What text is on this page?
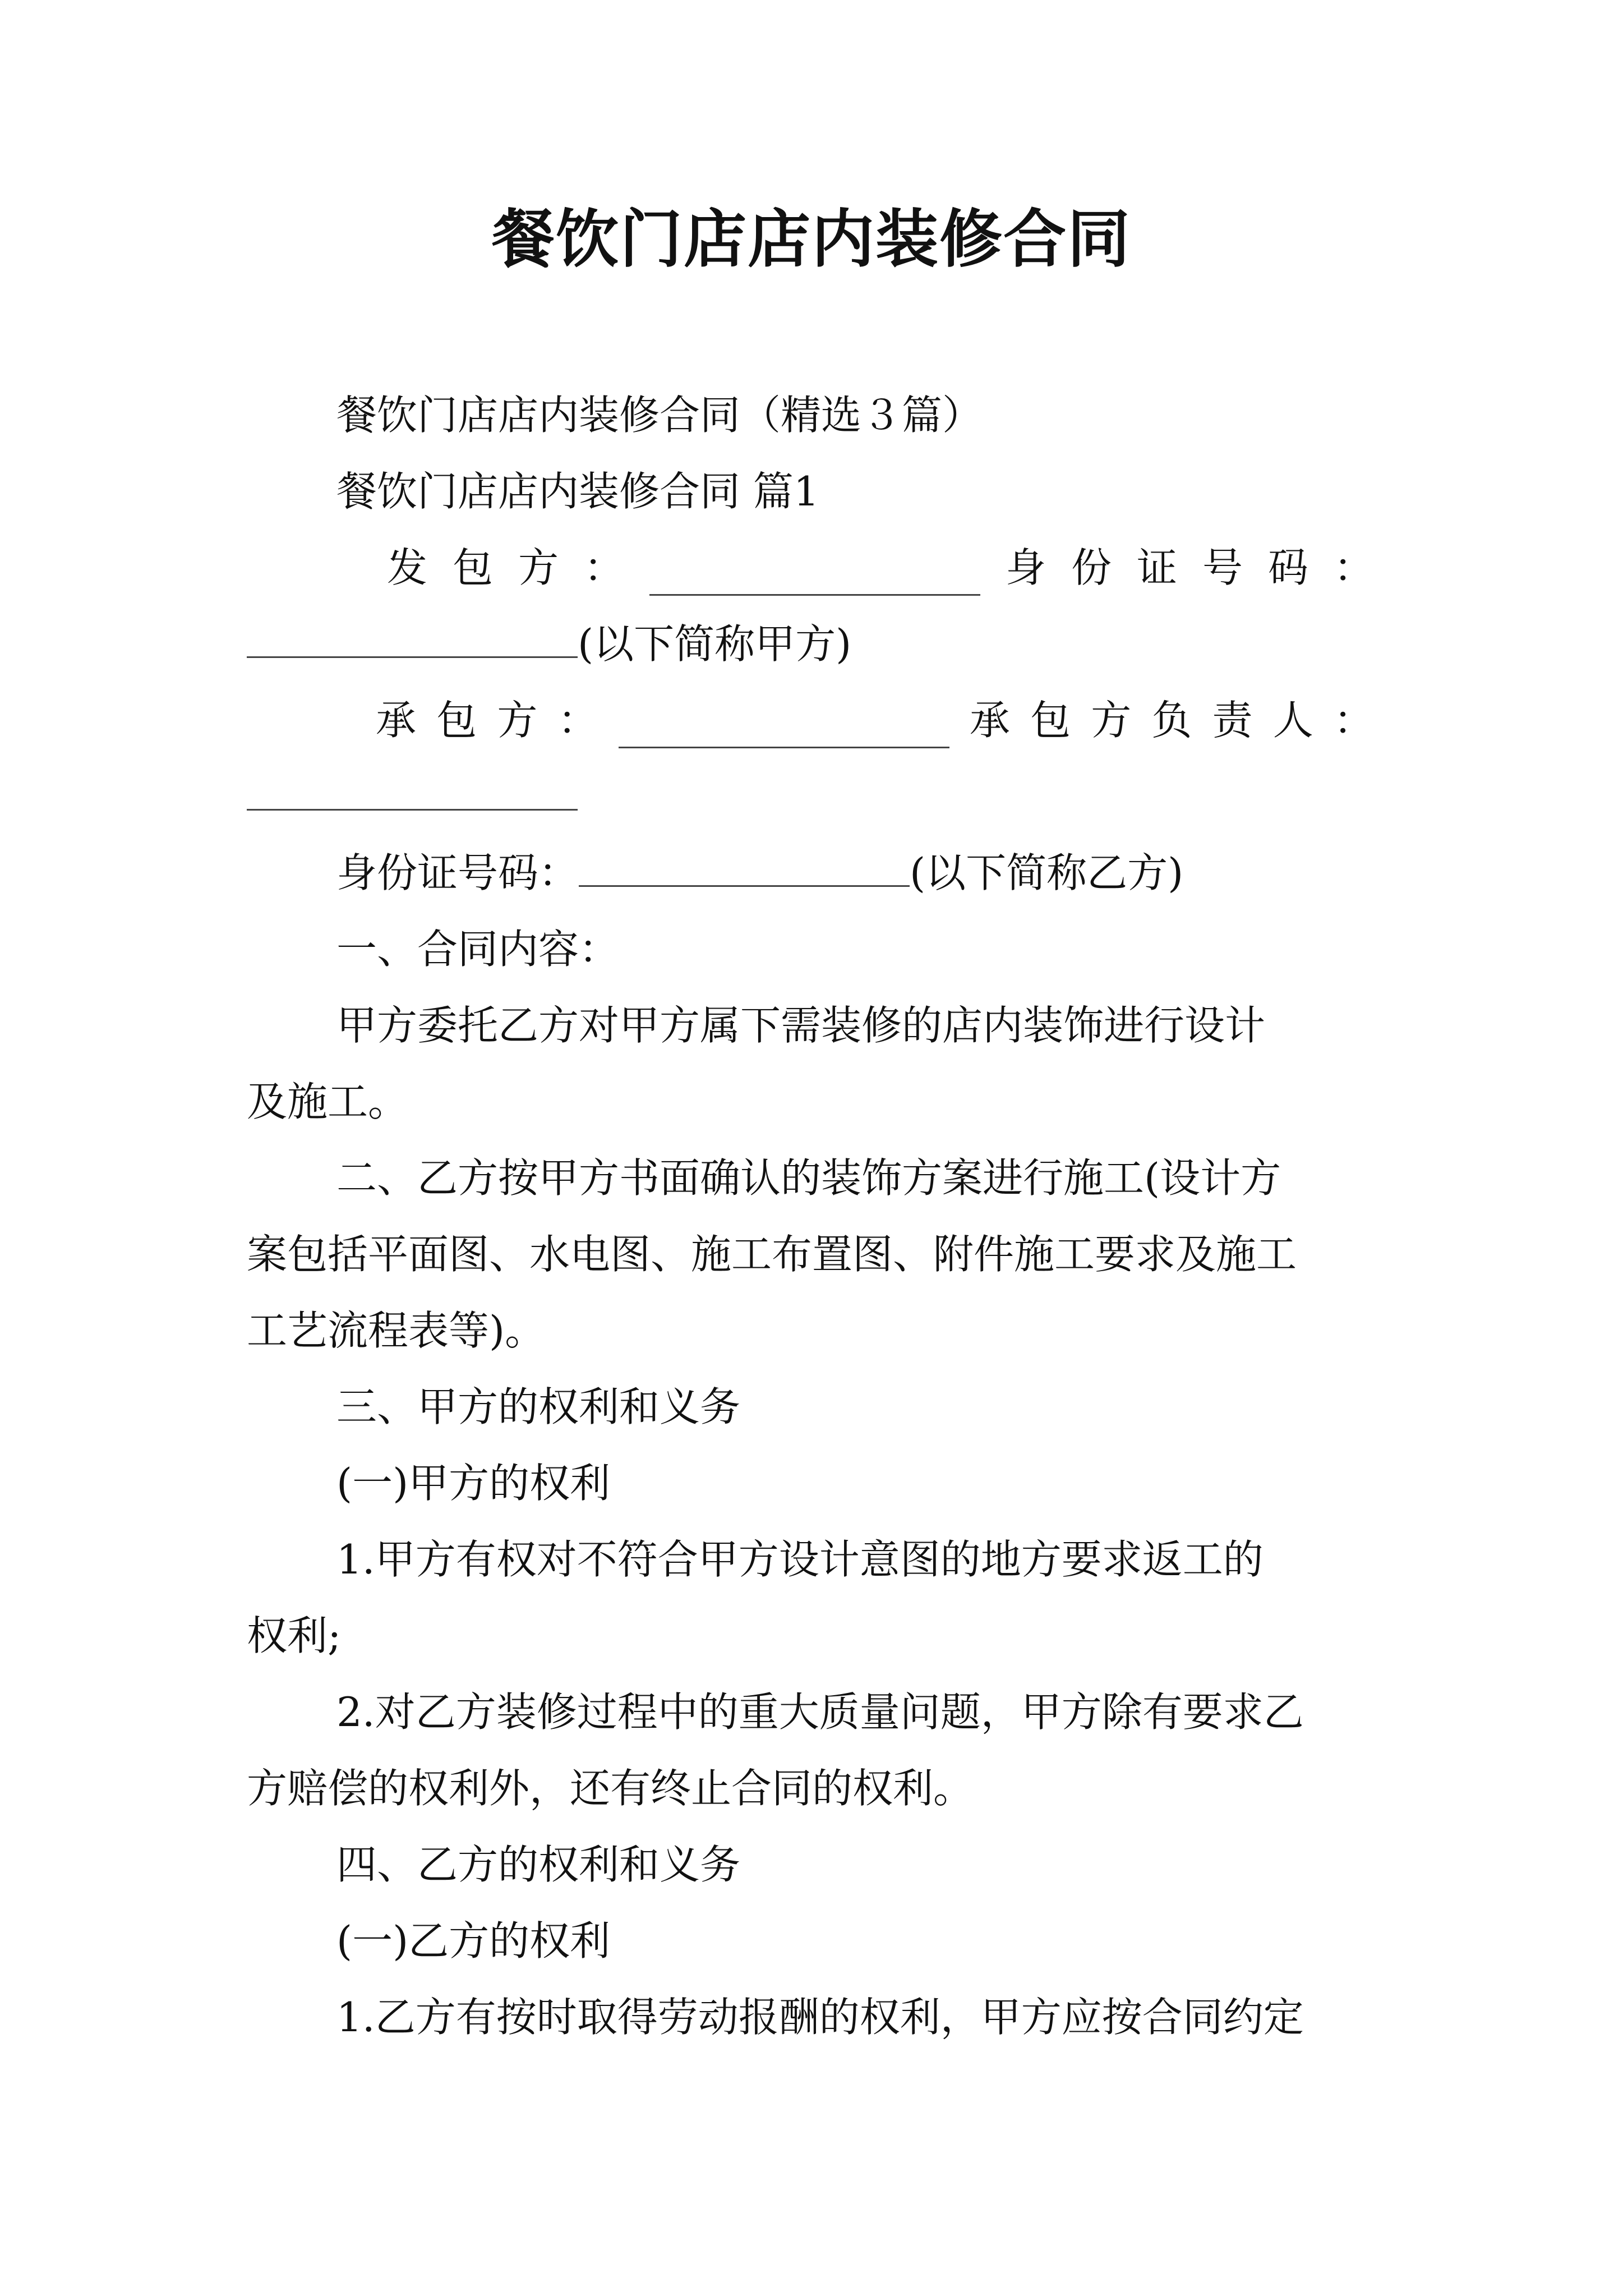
餐饮门店店内装修合同
餐饮门店店内装修合同（精选３篇）
餐饮门店店内装修合同 篇1
发 包 方 ：	身 份 证 号 码 ：
(以下简称甲方)
承 包 方 ：	承 包 方 负 责 人 ：
身份证号码：	(以下简称乙方)
一、合同内容：
甲方委托乙方对甲方属下需装修的店内装饰进行设计
及施工。
二、乙方按甲方书面确认的装饰方案进行施工(设计方
案包括平面图、水电图、施工布置图、附件施工要求及施工
工艺流程表等)。
三、甲方的权利和义务
(一)甲方的权利
1.甲方有权对不符合甲方设计意图的地方要求返工的
权利;
2.对乙方装修过程中的重大质量问题，甲方除有要求乙
方赔偿的权利外，还有终止合同的权利。
四、乙方的权利和义务
(一)乙方的权利
1.乙方有按时取得劳动报酬的权利，甲方应按合同约定
